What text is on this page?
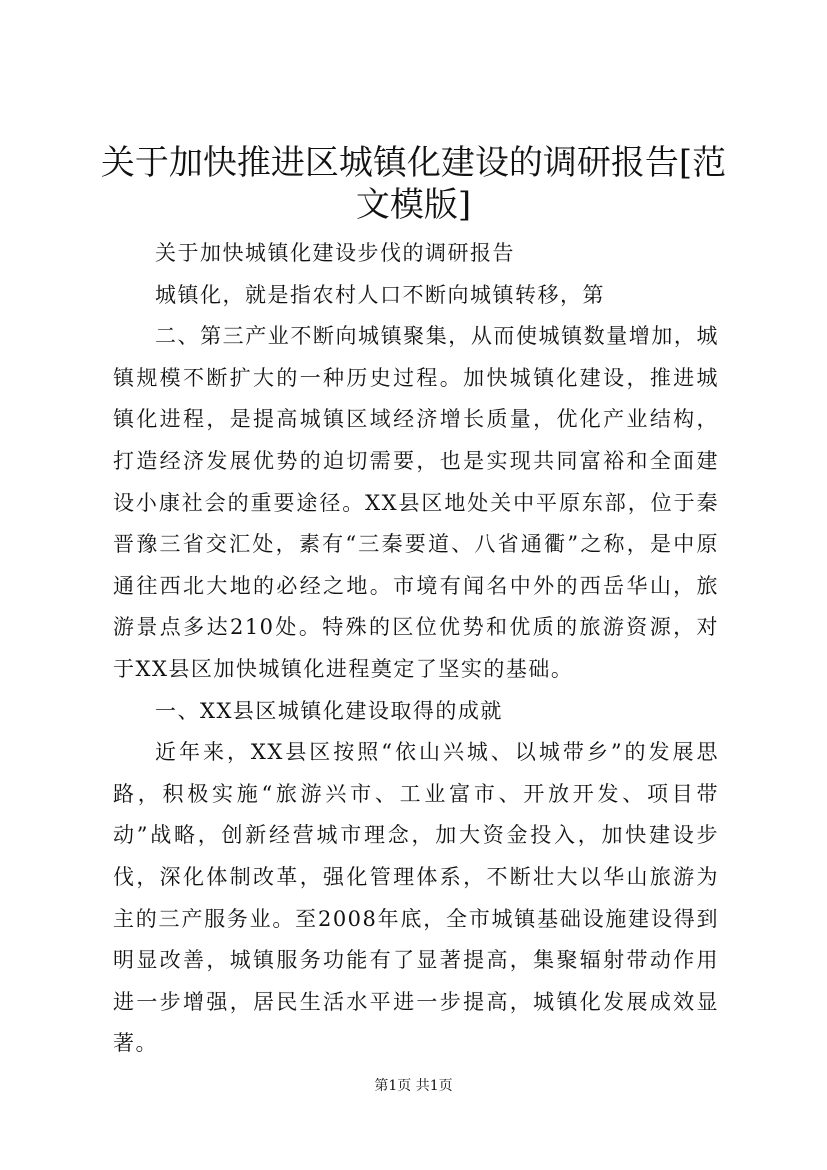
关于加快推进区城镇化建设的调研报告[范文模版]

关于加快城镇化建设步伐的调研报告

城镇化，就是指农村人口不断向城镇转移，第

二、第三产业不断向城镇聚集，从而使城镇数量增加，城镇规模不断扩大的一种历史过程。加快城镇化建设，推进城镇化进程，是提高城镇区域经济增长质量，优化产业结构，打造经济发展优势的迫切需要，也是实现共同富裕和全面建设小康社会的重要途径。XX县区地处关中平原东部，位于秦晋豫三省交汇处，素有“三秦要道、八省通衢”之称，是中原通往西北大地的必经之地。市境有闻名中外的西岳华山，旅游景点多达210处。特殊的区位优势和优质的旅游资源，对于XX县区加快城镇化进程奠定了坚实的基础。

一、XX县区城镇化建设取得的成就

近年来，XX县区按照“依山兴城、以城带乡”的发展思路，积极实施“旅游兴市、工业富市、开放开发、项目带动”战略，创新经营城市理念，加大资金投入，加快建设步伐，深化体制改革，强化管理体系，不断壮大以华山旅游为主的三产服务业。至2008年底，全市城镇基础设施建设得到明显改善，城镇服务功能有了显著提高，集聚辐射带动作用进一步增强，居民生活水平进一步提高，城镇化发展成效显著。

第1页 共1页
